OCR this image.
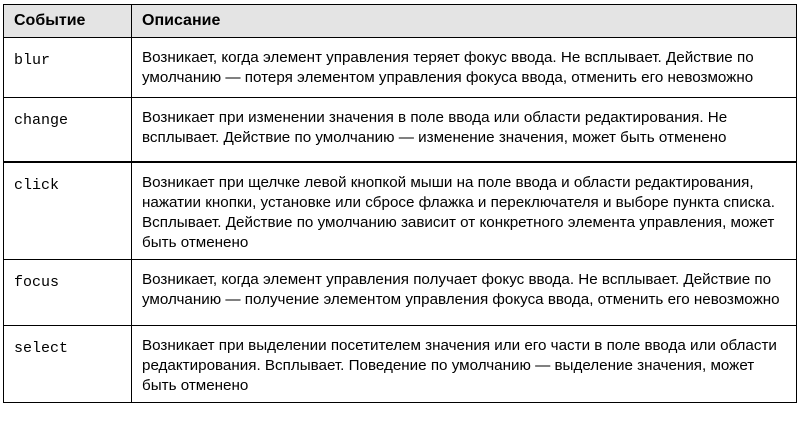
Событие	Описание
blur	Возникает, когда элемент управления теряет фокус ввода. Не всплывает. Действие по умолчанию — потеря элементом управления фокуса ввода, отменить его невозможно
change	Возникает при изменении значения в поле ввода или области редактирования. Не всплывает. Действие по умолчанию — изменение значения, может быть отменено
click	Возникает при щелчке левой кнопкой мыши на поле ввода и области редактирования, нажатии кнопки, установке или сбросе флажка и переключателя и выборе пункта списка. Всплывает. Действие по умолчанию зависит от конкретного элемента управления, может быть отменено
focus	Возникает, когда элемент управления получает фокус ввода. Не всплывает. Действие по умолчанию — получение элементом управления фокуса ввода, отменить его невозможно
select	Возникает при выделении посетителем значения или его части в поле ввода или области редактирования. Всплывает. Поведение по умолчанию — выделение значения, может быть отменено
